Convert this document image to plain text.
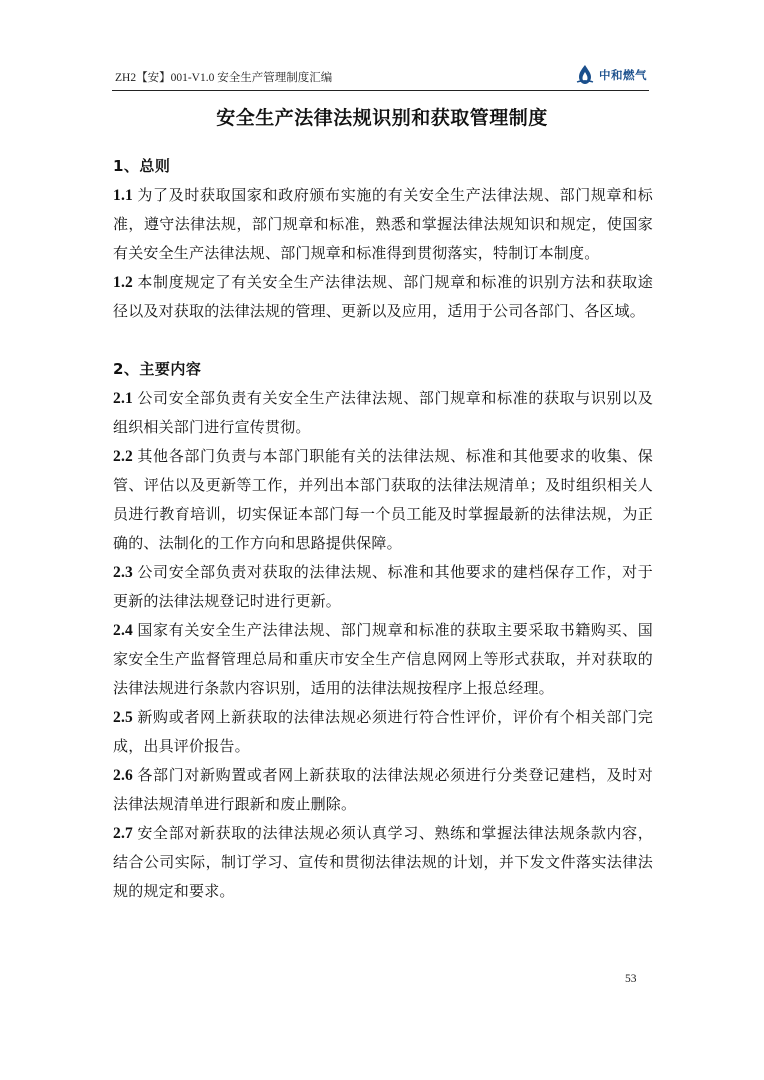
ZH2【安】001-V1.0 安全生产管理制度汇编	中和燃气
安全生产法律法规识别和获取管理制度

1、总则

1.1 为了及时获取国家和政府颁布实施的有关安全生产法律法规、部门规章和标准，遵守法律法规，部门规章和标准，熟悉和掌握法律法规知识和规定，使国家有关安全生产法律法规、部门规章和标准得到贯彻落实，特制订本制度。

1.2 本制度规定了有关安全生产法律法规、部门规章和标准的识别方法和获取途径以及对获取的法律法规的管理、更新以及应用，适用于公司各部门、各区域。

2、主要内容

2.1 公司安全部负责有关安全生产法律法规、部门规章和标准的获取与识别以及组织相关部门进行宣传贯彻。

2.2 其他各部门负责与本部门职能有关的法律法规、标准和其他要求的收集、保管、评估以及更新等工作，并列出本部门获取的法律法规清单；及时组织相关人员进行教育培训，切实保证本部门每一个员工能及时掌握最新的法律法规，为正确的、法制化的工作方向和思路提供保障。

2.3 公司安全部负责对获取的法律法规、标准和其他要求的建档保存工作，对于更新的法律法规登记时进行更新。

2.4 国家有关安全生产法律法规、部门规章和标准的获取主要采取书籍购买、国家安全生产监督管理总局和重庆市安全生产信息网网上等形式获取，并对获取的法律法规进行条款内容识别，适用的法律法规按程序上报总经理。

2.5 新购或者网上新获取的法律法规必须进行符合性评价，评价有个相关部门完成，出具评价报告。

2.6 各部门对新购置或者网上新获取的法律法规必须进行分类登记建档，及时对法律法规清单进行跟新和废止删除。

2.7 安全部对新获取的法律法规必须认真学习、熟练和掌握法律法规条款内容，结合公司实际，制订学习、宣传和贯彻法律法规的计划，并下发文件落实法律法规的规定和要求。

53
